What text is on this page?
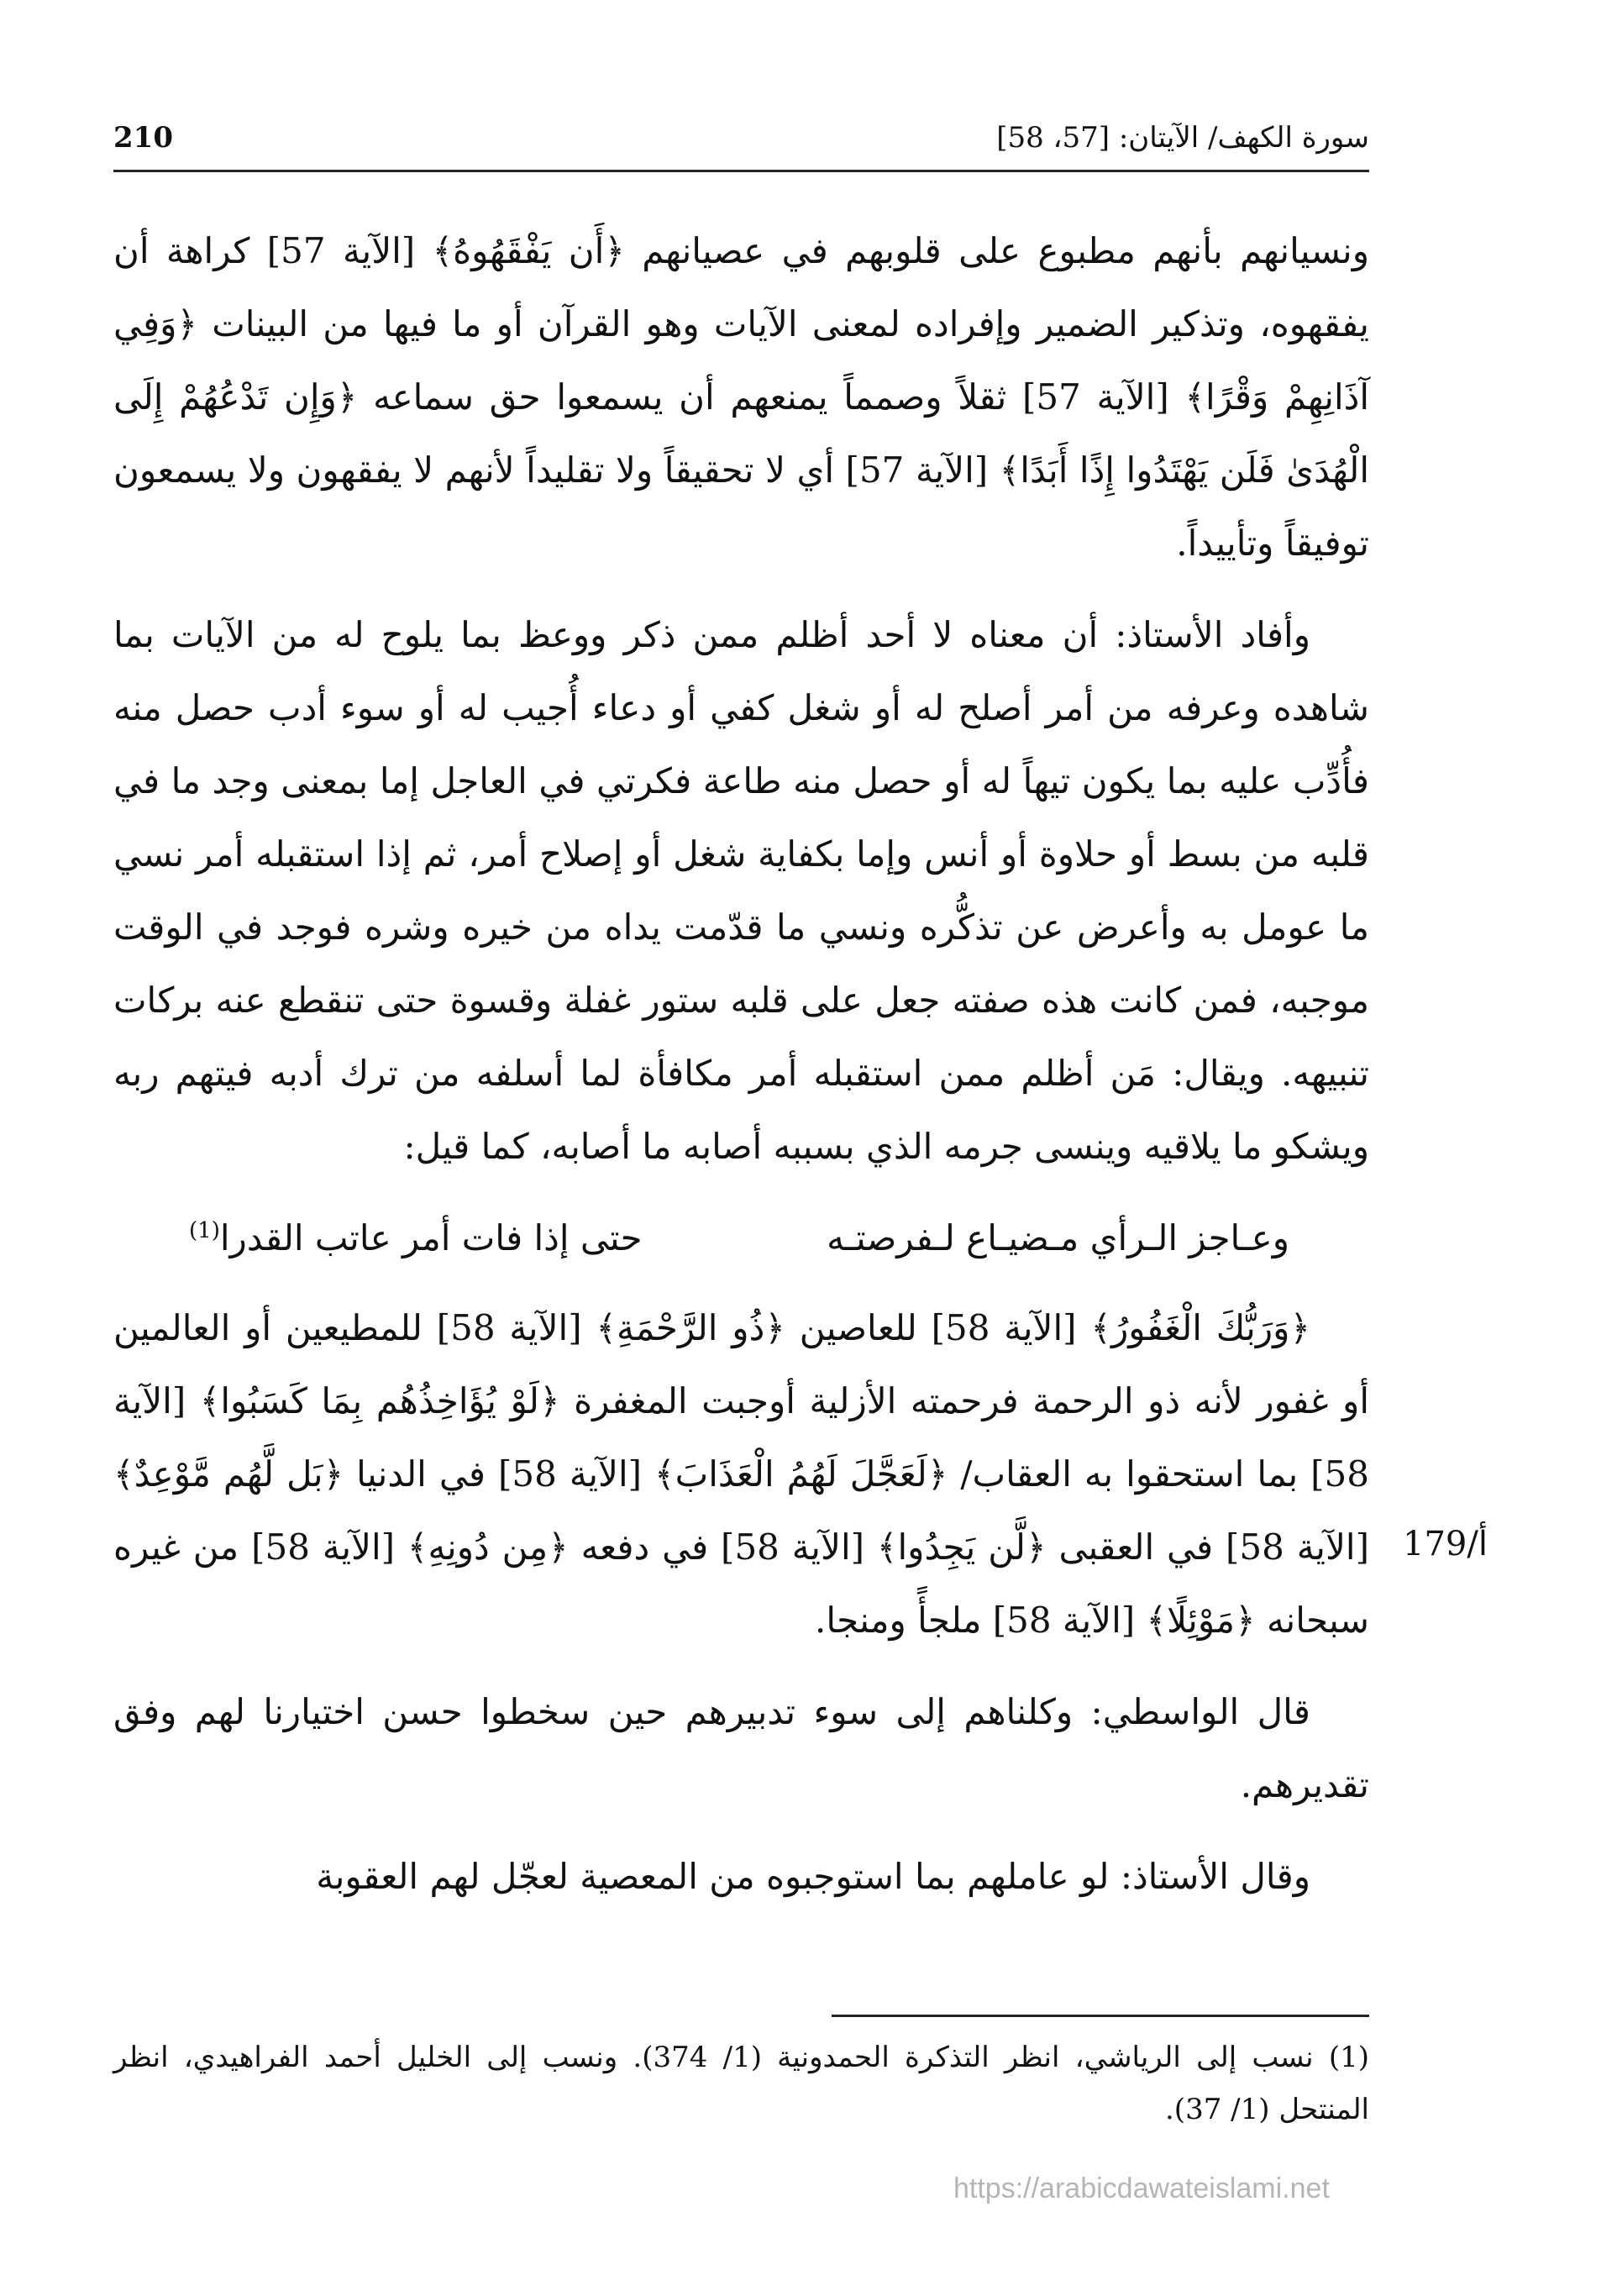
210	سورة الكهف/ الآيتان: [57، 58]
179/أ

ونسيانهم بأنهم مطبوع على قلوبهم في عصيانهم ﴿أَن يَفْقَهُوهُ﴾ [الآية 57] كراهة أن يفقهوه، وتذكير الضمير وإفراده لمعنى الآيات وهو القرآن أو ما فيها من البينات ﴿وَفِي آذَانِهِمْ وَقْرًا﴾ [الآية 57] ثقلاً وصمماً يمنعهم أن يسمعوا حق سماعه ﴿وَإِن تَدْعُهُمْ إِلَى الْهُدَىٰ فَلَن يَهْتَدُوا إِذًا أَبَدًا﴾ [الآية 57] أي لا تحقيقاً ولا تقليداً لأنهم لا يفقهون ولا يسمعون توفيقاً وتأييداً.

وأفاد الأستاذ: أن معناه لا أحد أظلم ممن ذكر ووعظ بما يلوح له من الآيات بما شاهده وعرفه من أمر أصلح له أو شغل كفي أو دعاء أُجيب له أو سوء أدب حصل منه فأُدِّب عليه بما يكون تيهاً له أو حصل منه طاعة فكرتي في العاجل إما بمعنى وجد ما في قلبه من بسط أو حلاوة أو أنس وإما بكفاية شغل أو إصلاح أمر، ثم إذا استقبله أمر نسي ما عومل به وأعرض عن تذكُّره ونسي ما قدّمت يداه من خيره وشره فوجد في الوقت موجبه، فمن كانت هذه صفته جعل على قلبه ستور غفلة وقسوة حتى تنقطع عنه بركات تنبيهه. ويقال: مَن أظلم ممن استقبله أمر مكافأة لما أسلفه من ترك أدبه فيتهم ربه ويشكو ما يلاقيه وينسى جرمه الذي بسببه أصابه ما أصابه، كما قيل:

وعـاجز الـرأي مـضيـاع لـفرصتـه
حتى إذا فات أمر عاتب القدرا$^{(1)}$

﴿وَرَبُّكَ الْغَفُورُ﴾ [الآية 58] للعاصين ﴿ذُو الرَّحْمَةِ﴾ [الآية 58] للمطيعين أو العالمين أو غفور لأنه ذو الرحمة فرحمته الأزلية أوجبت المغفرة ﴿لَوْ يُؤَاخِذُهُم بِمَا كَسَبُوا﴾ [الآية 58] بما استحقوا به العقاب/ ﴿لَعَجَّلَ لَهُمُ الْعَذَابَ﴾ [الآية 58] في الدنيا ﴿بَل لَّهُم مَّوْعِدٌ﴾ [الآية 58] في العقبى ﴿لَّن يَجِدُوا﴾ [الآية 58] في دفعه ﴿مِن دُونِهِ﴾ [الآية 58] من غيره سبحانه ﴿مَوْئِلًا﴾ [الآية 58] ملجأً ومنجا.

قال الواسطي: وكلناهم إلى سوء تدبيرهم حين سخطوا حسن اختيارنا لهم وفق تقديرهم.

وقال الأستاذ: لو عاملهم بما استوجبوه من المعصية لعجّل لهم العقوبة

(1) نسب إلى الرياشي، انظر التذكرة الحمدونية (1/ 374). ونسب إلى الخليل أحمد الفراهيدي، انظر المنتحل (1/ 37).

https://arabicdawateislami.net
